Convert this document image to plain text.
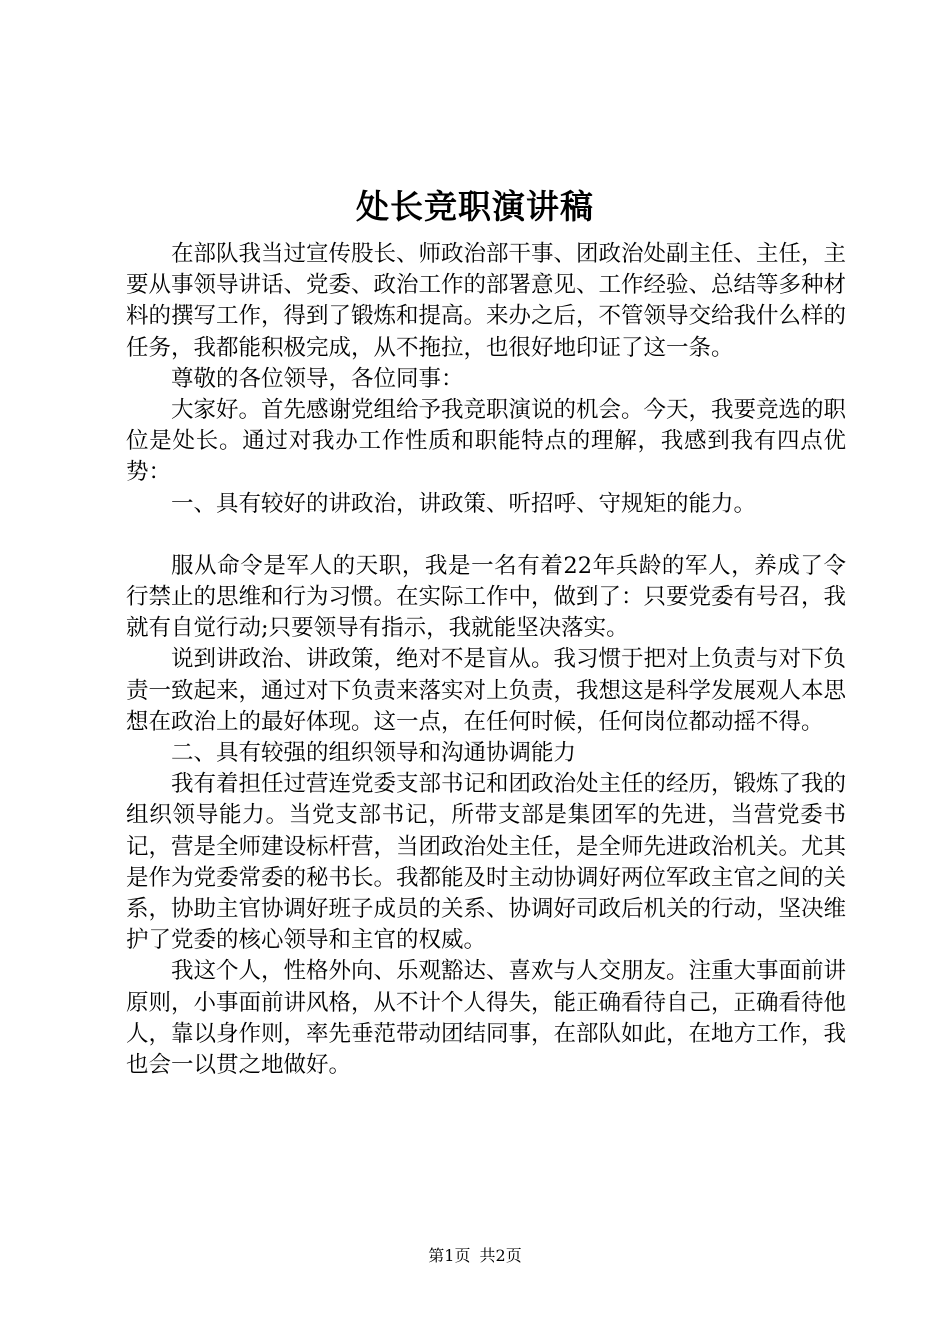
处长竞职演讲稿

在部队我当过宣传股长、师政治部干事、团政治处副主任、主任，主要从事领导讲话、党委、政治工作的部署意见、工作经验、总结等多种材料的撰写工作，得到了锻炼和提高。来办之后，不管领导交给我什么样的任务，我都能积极完成，从不拖拉，也很好地印证了这一条。

尊敬的各位领导，各位同事：

大家好。首先感谢党组给予我竞职演说的机会。今天，我要竞选的职位是处长。通过对我办工作性质和职能特点的理解，我感到我有四点优势：

一、具有较好的讲政治，讲政策、听招呼、守规矩的能力。

服从命令是军人的天职，我是一名有着22年兵龄的军人，养成了令行禁止的思维和行为习惯。在实际工作中，做到了：只要党委有号召，我就有自觉行动;只要领导有指示，我就能坚决落实。

说到讲政治、讲政策，绝对不是盲从。我习惯于把对上负责与对下负责一致起来，通过对下负责来落实对上负责，我想这是科学发展观人本思想在政治上的最好体现。这一点，在任何时候，任何岗位都动摇不得。

二、具有较强的组织领导和沟通协调能力

我有着担任过营连党委支部书记和团政治处主任的经历，锻炼了我的组织领导能力。当党支部书记，所带支部是集团军的先进，当营党委书记，营是全师建设标杆营，当团政治处主任，是全师先进政治机关。尤其是作为党委常委的秘书长。我都能及时主动协调好两位军政主官之间的关系，协助主官协调好班子成员的关系、协调好司政后机关的行动，坚决维护了党委的核心领导和主官的权威。

我这个人，性格外向、乐观豁达、喜欢与人交朋友。注重大事面前讲原则，小事面前讲风格，从不计个人得失，能正确看待自己，正确看待他人，靠以身作则，率先垂范带动团结同事，在部队如此，在地方工作，我也会一以贯之地做好。

第1页 共2页
